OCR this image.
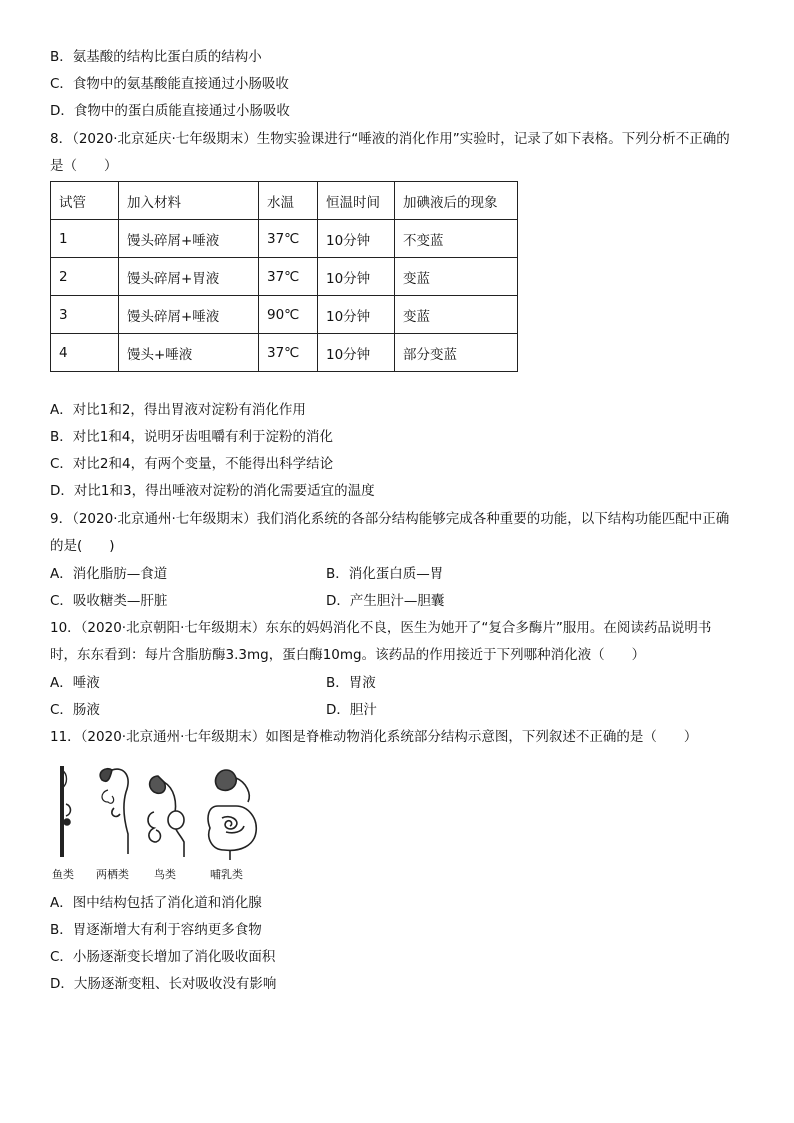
B．氨基酸的结构比蛋白质的结构小
C．食物中的氨基酸能直接通过小肠吸收
D．食物中的蛋白质能直接通过小肠吸收
8．（2020·北京延庆·七年级期末）生物实验课进行“唾液的消化作用”实验时，记录了如下表格。下列分析不正确的
是（　　）
试管	加入材料	水温	恒温时间	加碘液后的现象
1	馒头碎屑+唾液	37℃	10分钟	不变蓝
2	馒头碎屑+胃液	37℃	10分钟	变蓝
3	馒头碎屑+唾液	90℃	10分钟	变蓝
4	馒头+唾液	37℃	10分钟	部分变蓝
A．对比1和2，得出胃液对淀粉有消化作用
B．对比1和4，说明牙齿咀嚼有利于淀粉的消化
C．对比2和4，有两个变量，不能得出科学结论
D．对比1和3，得出唾液对淀粉的消化需要适宜的温度
9．（2020·北京通州·七年级期末）我们消化系统的各部分结构能够完成各种重要的功能，以下结构功能匹配中正确
的是(　　)
A．消化脂肪—食道	B．消化蛋白质—胃
C．吸收糖类—肝脏	D．产生胆汁—胆囊
10．（2020·北京朝阳·七年级期末）东东的妈妈消化不良，医生为她开了“复合多酶片”服用。在阅读药品说明书
时，东东看到：每片含脂肪酶3.3mg，蛋白酶10mg。该药品的作用接近于下列哪种消化液（　　）
A．唾液	B．胃液
C．肠液	D．胆汁
11．（2020·北京通州·七年级期末）如图是脊椎动物消化系统部分结构示意图，下列叙述不正确的是（　　）
鱼类 两栖类 鸟类	哺乳类
A．图中结构包括了消化道和消化腺
B．胃逐渐增大有利于容纳更多食物
C．小肠逐渐变长增加了消化吸收面积
D．大肠逐渐变粗、长对吸收没有影响
